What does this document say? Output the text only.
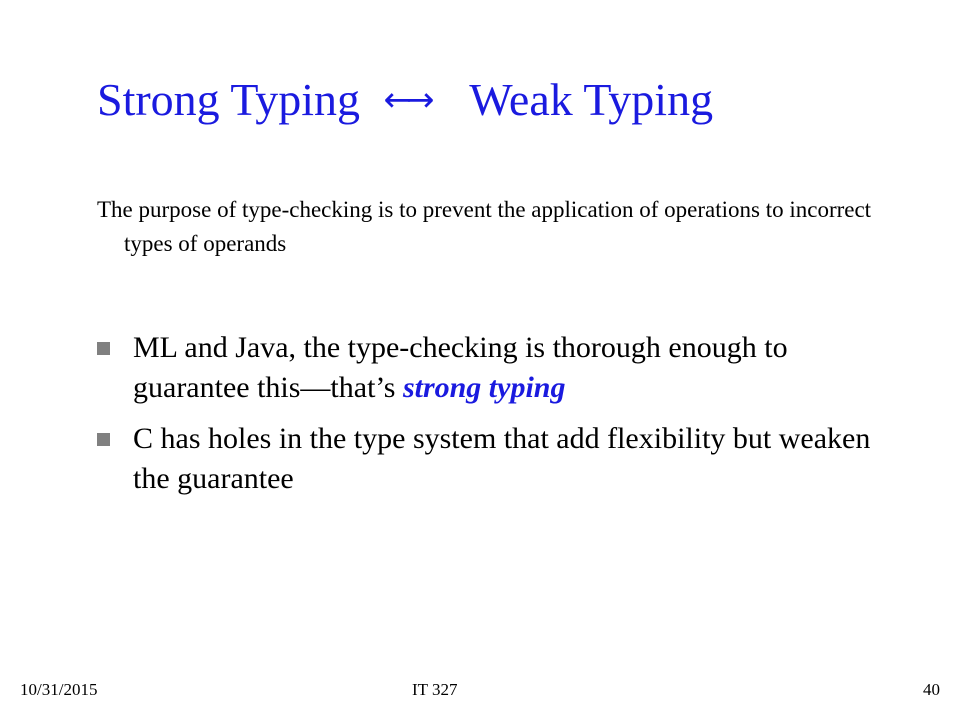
Strong Typing ←→ Weak Typing
The purpose of type-checking is to prevent the application of operations to incorrect types of operands
ML and Java, the type-checking is thorough enough to guarantee this—that’s strong typing
C has holes in the type system that add flexibility but weaken the guarantee
10/31/2015	IT 327	40
